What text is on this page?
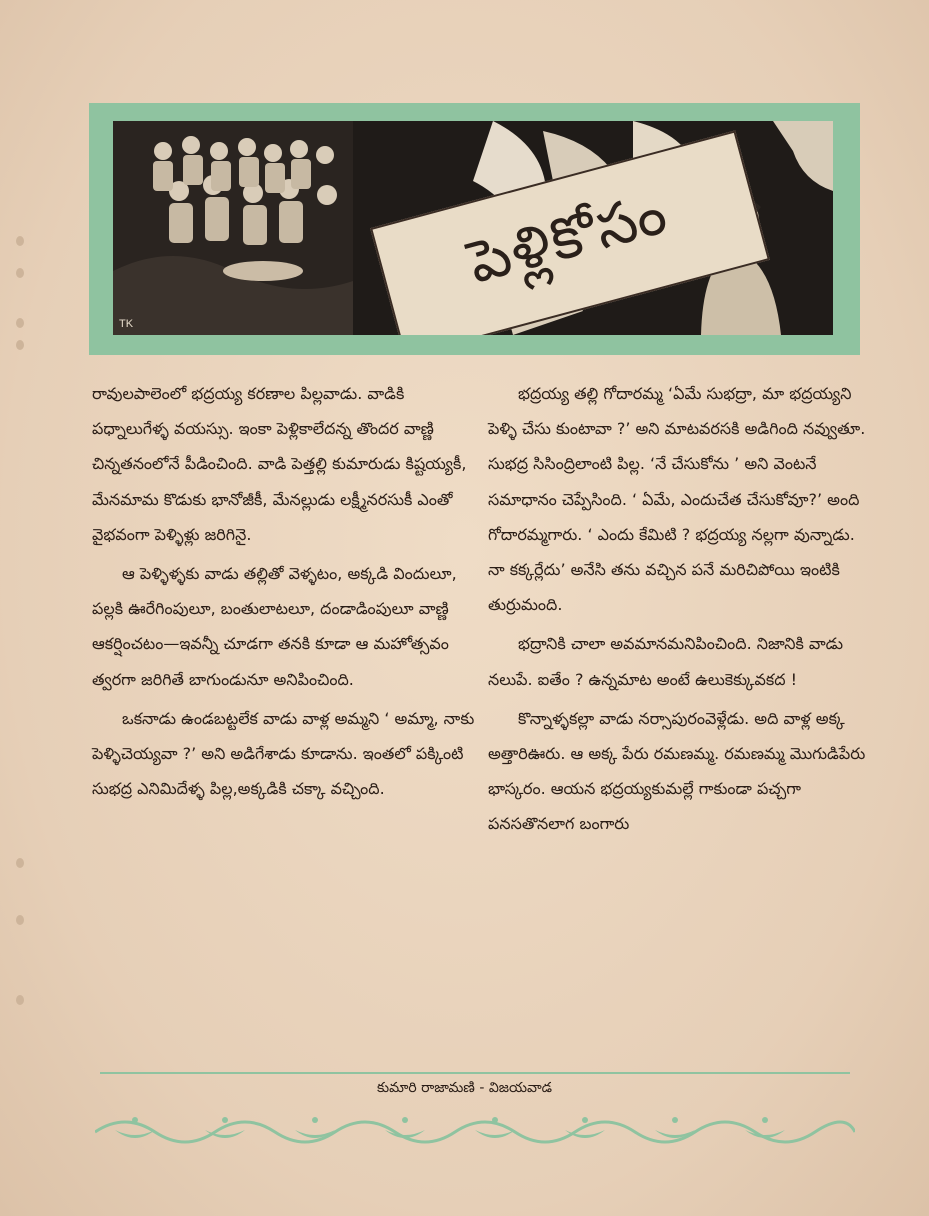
TK
పెళ్లికోసం

రావులపాలెంలో భద్రయ్య కరణాల పిల్లవాడు. వాడికి పధ్నాలుగేళ్ళ వయస్సు. ఇంకా పెళ్లికాలేదన్న తొందర వాణ్ణి చిన్నతనంలోనే పీడించింది. వాడి పెత్తల్లి కుమారుడు కిష్టయ్యకీ, మేనమామ కొడుకు భానోజీకీ, మేనల్లుడు లక్ష్మీనరసుకీ ఎంతో వైభవంగా పెళ్ళిళ్లు జరిగినై.

ఆ పెళ్ళిళ్ళకు వాడు తల్లితో వెళ్ళటం, అక్కడి విందులూ, పల్లకి ఊరేగింపులూ, బంతులాటలూ, దండాడింపులూ వాణ్ణి ఆకర్షించటం—ఇవన్నీ చూడగా తనకి కూడా ఆ మహోత్సవం త్వరగా జరిగితే బాగుండునూ అనిపించింది.

ఒకనాడు ఉండబట్టలేక వాడు వాళ్ల అమ్మని ‘ అమ్మా, నాకు పెళ్ళిచెయ్యవా ?’ అని అడిగేశాడు కూడాను. ఇంతలో పక్కింటి సుభద్ర ఎనిమిదేళ్ళ పిల్ల,అక్కడికి చక్కా వచ్చింది.

భద్రయ్య తల్లి గోదారమ్మ ‘ఏమే సుభద్రా, మా భద్రయ్యని పెళ్ళి చేసు కుంటావా ?’ అని మాటవరసకి అడిగింది నవ్వుతూ. సుభద్ర సిసింద్రిలాంటి పిల్ల. ‘నే చేసుకోను ’ అని వెంటనే సమాధానం చెప్పేసింది. ‘ ఏమే, ఎందుచేత చేసుకోవూ?’ అంది గోదారమ్మగారు. ‘ ఎందు కేమిటి ? భద్రయ్య నల్లగా వున్నాడు. నా కక్కర్లేదు’ అనేసి తను వచ్చిన పనే మరిచిపోయి ఇంటికి తుర్రుమంది.

భద్రానికి చాలా అవమానమనిపించింది. నిజానికి వాడు నలుపే. ఐతేం ? ఉన్నమాట అంటే ఉలుకెక్కువకద !

కొన్నాళ్ళకల్లా వాడు నర్సాపురంవెళ్లేడు. అది వాళ్ల అక్క అత్తారిఊరు. ఆ అక్క పేరు రమణమ్మ. రమణమ్మ మొగుడిపేరు భాస్కరం. ఆయన భద్రయ్యకుమల్లే గాకుండా పచ్చగా పనసతొనలాగ బంగారు

కుమారి రాజామణి - విజయవాడ
